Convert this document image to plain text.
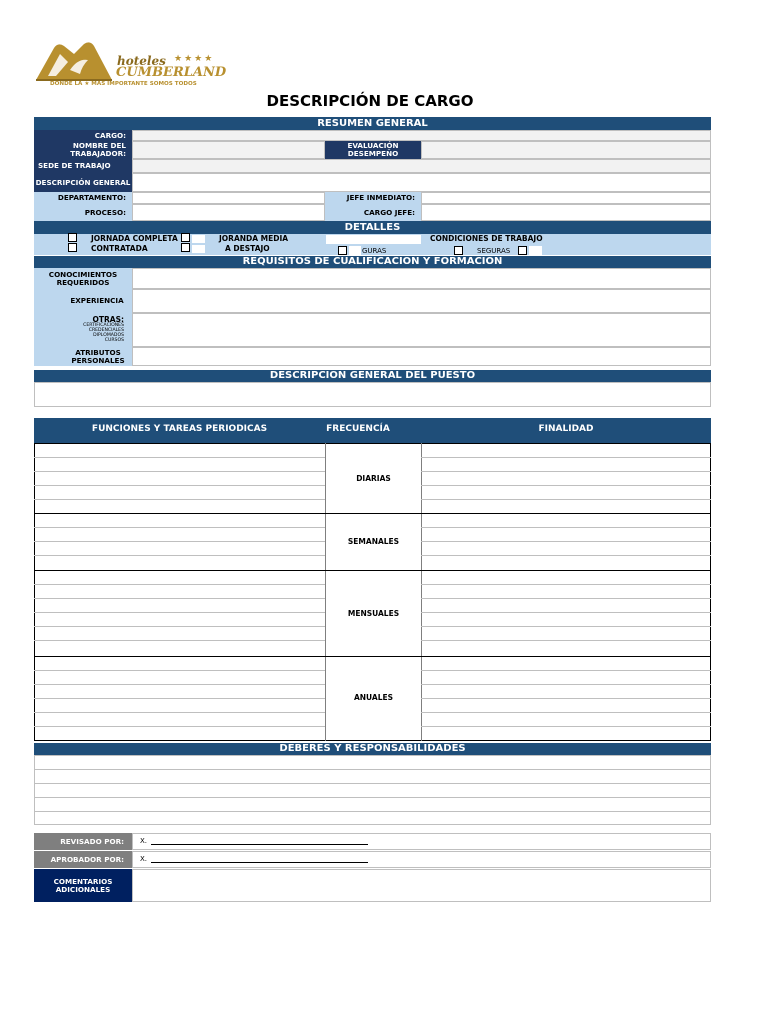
hoteles ★★★★
CUMBERLAND
DONDE LA ★ MAS IMPORTANTE SOMOS TODOS
DESCRIPCIÓN DE CARGO
RESUMEN GENERAL
CARGO:
NOMBRE DEL TRABAJADOR:
EVALUACIÓN DESEMPEÑO
SEDE DE TRABAJO
DESCRIPCIÓN GENERAL
DEPARTAMENTO:	JEFE INMEDIATO:
PROCESO:	CARGO JEFE:
DETALLES
JORNADA COMPLETA	JORANDA MEDIA	CONDICIONES DE TRABAJO
CONTRATADA	A DESTAJO	GURAS	SEGURAS
REQUISITOS DE CUALIFICACION Y FORMACION
CONOCIMIENTOS REQUERIDOS
EXPERIENCIA
OTRAS:
CERTIFICACIONES
CREDENCIALES
DIPLOMADOS
CURSOS
ATRIBUTOS PERSONALES
DESCRIPCION GENERAL DEL PUESTO
FUNCIONES Y TAREAS PERIODICAS	FRECUENCÍA	FINALIDAD
DIARIAS
SEMANALES
MENSUALES
ANUALES
DEBERES Y RESPONSABILIDADES
REVISADO POR:	X.
APROBADOR POR:	X.
COMENTARIOS ADICIONALES
